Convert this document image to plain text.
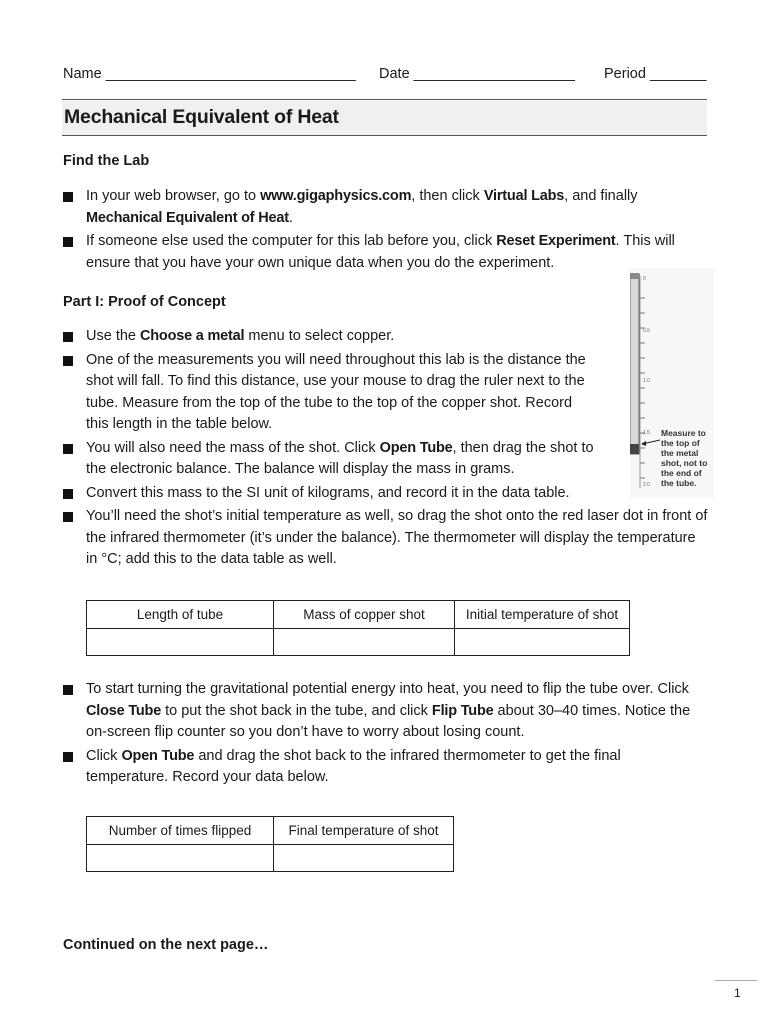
Name _______________________________ Date ____________________ Period _______
Mechanical Equivalent of Heat
Find the Lab
In your web browser, go to www.gigaphysics.com, then click Virtual Labs, and finally Mechanical Equivalent of Heat.
If someone else used the computer for this lab before you, click Reset Experiment. This will ensure that you have your own unique data when you do the experiment.
Part I: Proof of Concept
Use the Choose a metal menu to select copper.
One of the measurements you will need throughout this lab is the distance the shot will fall. To find this distance, use your mouse to drag the ruler next to the tube. Measure from the top of the tube to the top of the copper shot. Record this length in the table below.
You will also need the mass of the shot. Click Open Tube, then drag the shot to the electronic balance. The balance will display the mass in grams.
Convert this mass to the SI unit of kilograms, and record it in the data table.
You’ll need the shot’s initial temperature as well, so drag the shot onto the red laser dot in front of the infrared thermometer (it’s under the balance). The thermometer will display the temperature in °C; add this to the data table as well.
0
0.5
1.0
1.5
2.0
Measure to the top of the metal shot, not to the end of the tube.
Length of tube	Mass of copper shot	Initial temperature of shot

To start turning the gravitational potential energy into heat, you need to flip the tube over. Click Close Tube to put the shot back in the tube, and click Flip Tube about 30–40 times. Notice the on-screen flip counter so you don’t have to worry about losing count.
Click Open Tube and drag the shot back to the infrared thermometer to get the final temperature. Record your data below.
Number of times flipped	Final temperature of shot

Continued on the next page…
1
